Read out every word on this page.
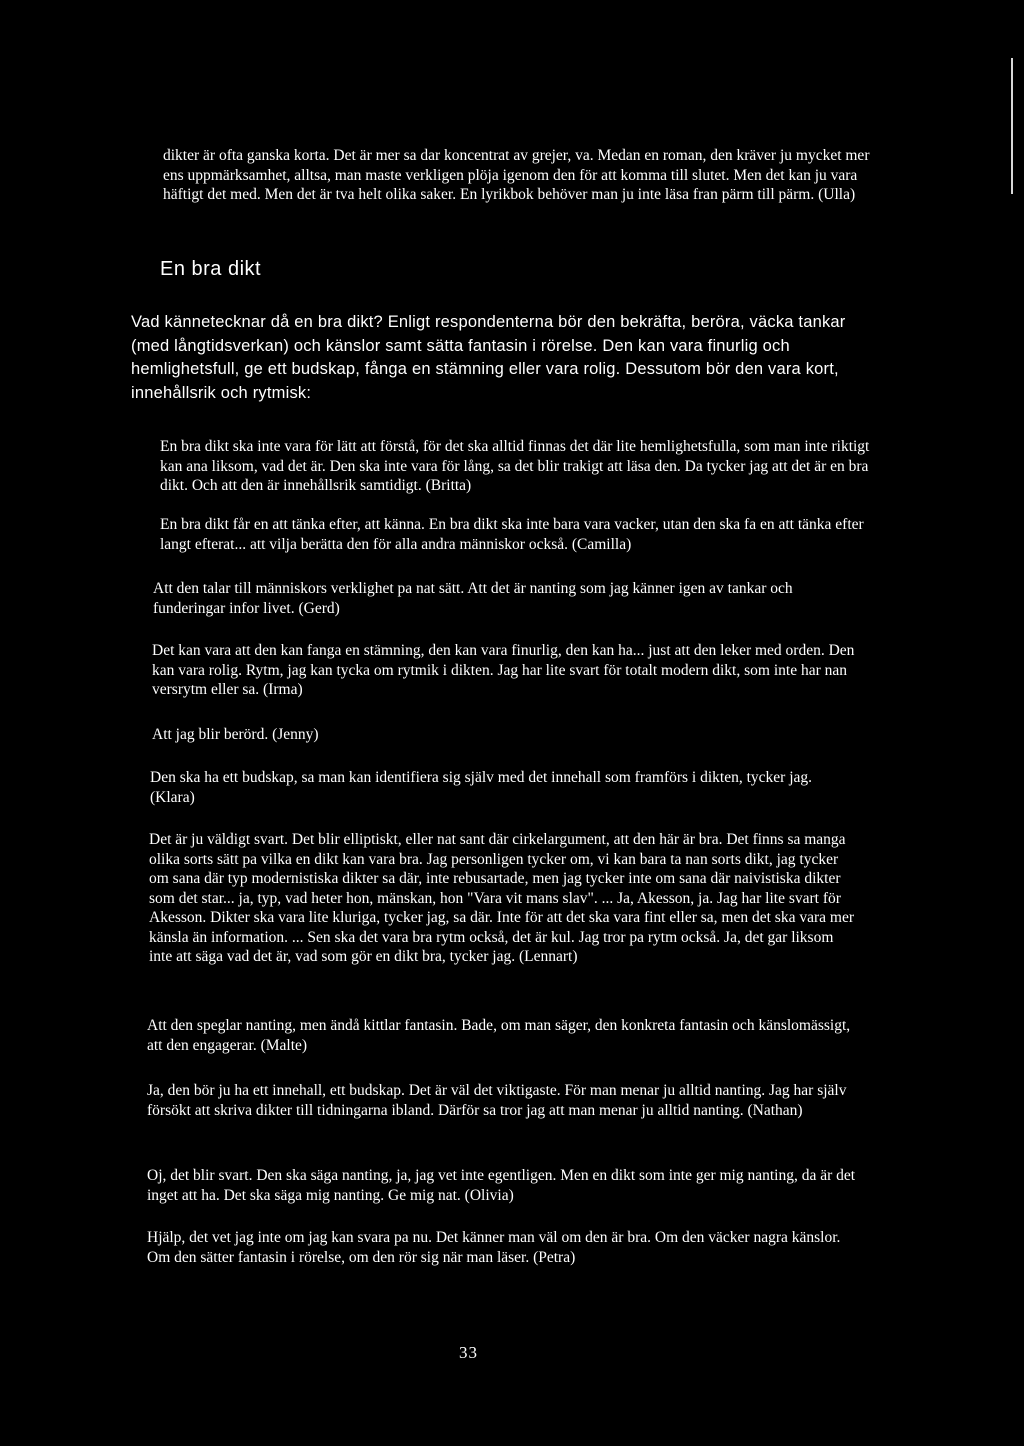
dikter är ofta ganska korta. Det är mer sa dar koncentrat av grejer, va. Medan en roman, den kräver ju mycket mer ens uppmärksamhet, alltsa, man maste verkligen plöja igenom den för att komma till slutet. Men det kan ju vara häftigt det med. Men det är tva helt olika saker. En lyrikbok behöver man ju inte läsa fran pärm till pärm. (Ulla)

En bra dikt

Vad kännetecknar då en bra dikt? Enligt respondenterna bör den bekräfta, beröra, väcka tankar (med långtidsverkan) och känslor samt sätta fantasin i rörelse. Den kan vara finurlig och hemlighetsfull, ge ett budskap, fånga en stämning eller vara rolig. Dessutom bör den vara kort, innehållsrik och rytmisk:

En bra dikt ska inte vara för lätt att förstå, för det ska alltid finnas det där lite hemlighetsfulla, som man inte riktigt kan ana liksom, vad det är. Den ska inte vara för lång, sa det blir trakigt att läsa den. Da tycker jag att det är en bra dikt. Och att den är innehållsrik samtidigt. (Britta)

En bra dikt får en att tänka efter, att känna. En bra dikt ska inte bara vara vacker, utan den ska fa en att tänka efter langt efterat... att vilja berätta den för alla andra människor också. (Camilla)

Att den talar till människors verklighet pa nat sätt. Att det är nanting som jag känner igen av tankar och funderingar infor livet. (Gerd)

Det kan vara att den kan fanga en stämning, den kan vara finurlig, den kan ha... just att den leker med orden. Den kan vara rolig. Rytm, jag kan tycka om rytmik i dikten. Jag har lite svart för totalt modern dikt, som inte har nan versrytm eller sa. (Irma)

Att jag blir berörd. (Jenny)

Den ska ha ett budskap, sa man kan identifiera sig själv med det innehall som framförs i dikten, tycker jag. (Klara)

Det är ju väldigt svart. Det blir elliptiskt, eller nat sant där cirkelargument, att den här är bra. Det finns sa manga olika sorts sätt pa vilka en dikt kan vara bra. Jag personligen tycker om, vi kan bara ta nan sorts dikt, jag tycker om sana där typ modernistiska dikter sa där, inte rebusartade, men jag tycker inte om sana där naivistiska dikter som det star... ja, typ, vad heter hon, mänskan, hon "Vara vit mans slav". ... Ja, Akesson, ja. Jag har lite svart för Akesson. Dikter ska vara lite kluriga, tycker jag, sa där. Inte för att det ska vara fint eller sa, men det ska vara mer känsla än information. ... Sen ska det vara bra rytm också, det är kul. Jag tror pa rytm också. Ja, det gar liksom inte att säga vad det är, vad som gör en dikt bra, tycker jag. (Lennart)

Att den speglar nanting, men ändå kittlar fantasin. Bade, om man säger, den konkreta fantasin och känslomässigt, att den engagerar. (Malte)

Ja, den bör ju ha ett innehall, ett budskap. Det är väl det viktigaste. För man menar ju alltid nanting. Jag har själv försökt att skriva dikter till tidningarna ibland. Därför sa tror jag att man menar ju alltid nanting. (Nathan)

Oj, det blir svart. Den ska säga nanting, ja, jag vet inte egentligen. Men en dikt som inte ger mig nanting, da är det inget att ha. Det ska säga mig nanting. Ge mig nat. (Olivia)

Hjälp, det vet jag inte om jag kan svara pa nu. Det känner man väl om den är bra. Om den väcker nagra känslor. Om den sätter fantasin i rörelse, om den rör sig när man läser. (Petra)

33
